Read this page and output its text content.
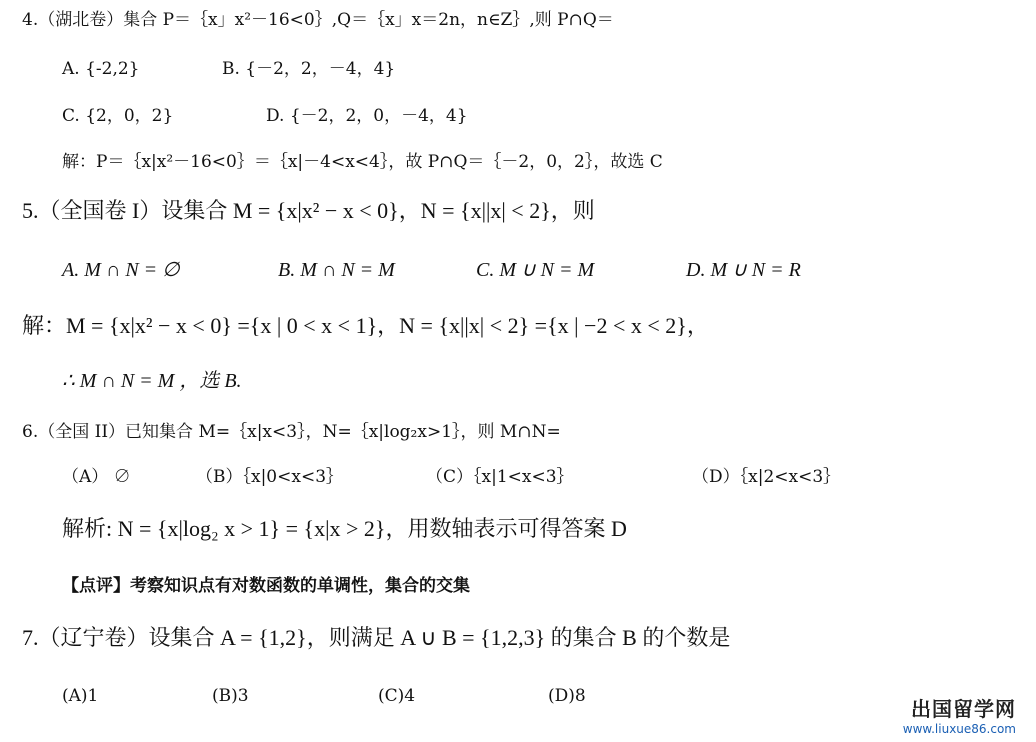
4.（湖北卷）集合 P＝｛x」x²－16<0｝,Q＝｛x」x＝2n，n∈Z｝,则 P∩Q＝
A. {-2,2}	B. {－2，2，－4，4}
C. {2，0，2}	D. {－2，2，0，－4，4}
解：P＝｛x|x²－16<0｝＝｛x|－4<x<4｝，故 P∩Q＝｛－2，0，2｝，故选 C
5.（全国卷 I）设集合 M = {x|x² − x < 0}，N = {x||x| < 2}，则
A. M ∩ N = ∅	B. M ∩ N = M	C. M ∪ N = M	D. M ∪ N = R
解：M = {x|x² − x < 0} ={x | 0 < x < 1}，N = {x||x| < 2} ={x | −2 < x < 2}，
∴ M ∩ N = M ，选 B.
6.（全国 II）已知集合 M=｛x|x<3｝，N=｛x|log₂x>1｝，则 M∩N=
（A） ∅	（B）｛x|0<x<3｝	（C）｛x|1<x<3｝	（D）｛x|2<x<3｝
解析: N = {x|log₂ x > 1} = {x|x > 2}，用数轴表示可得答案 D
【点评】考察知识点有对数函数的单调性，集合的交集
7.（辽宁卷）设集合 A = {1,2}，则满足 A ∪ B = {1,2,3} 的集合 B 的个数是
(A)1	(B)3	(C)4	(D)8
出国留学网
www.liuxue86.com
